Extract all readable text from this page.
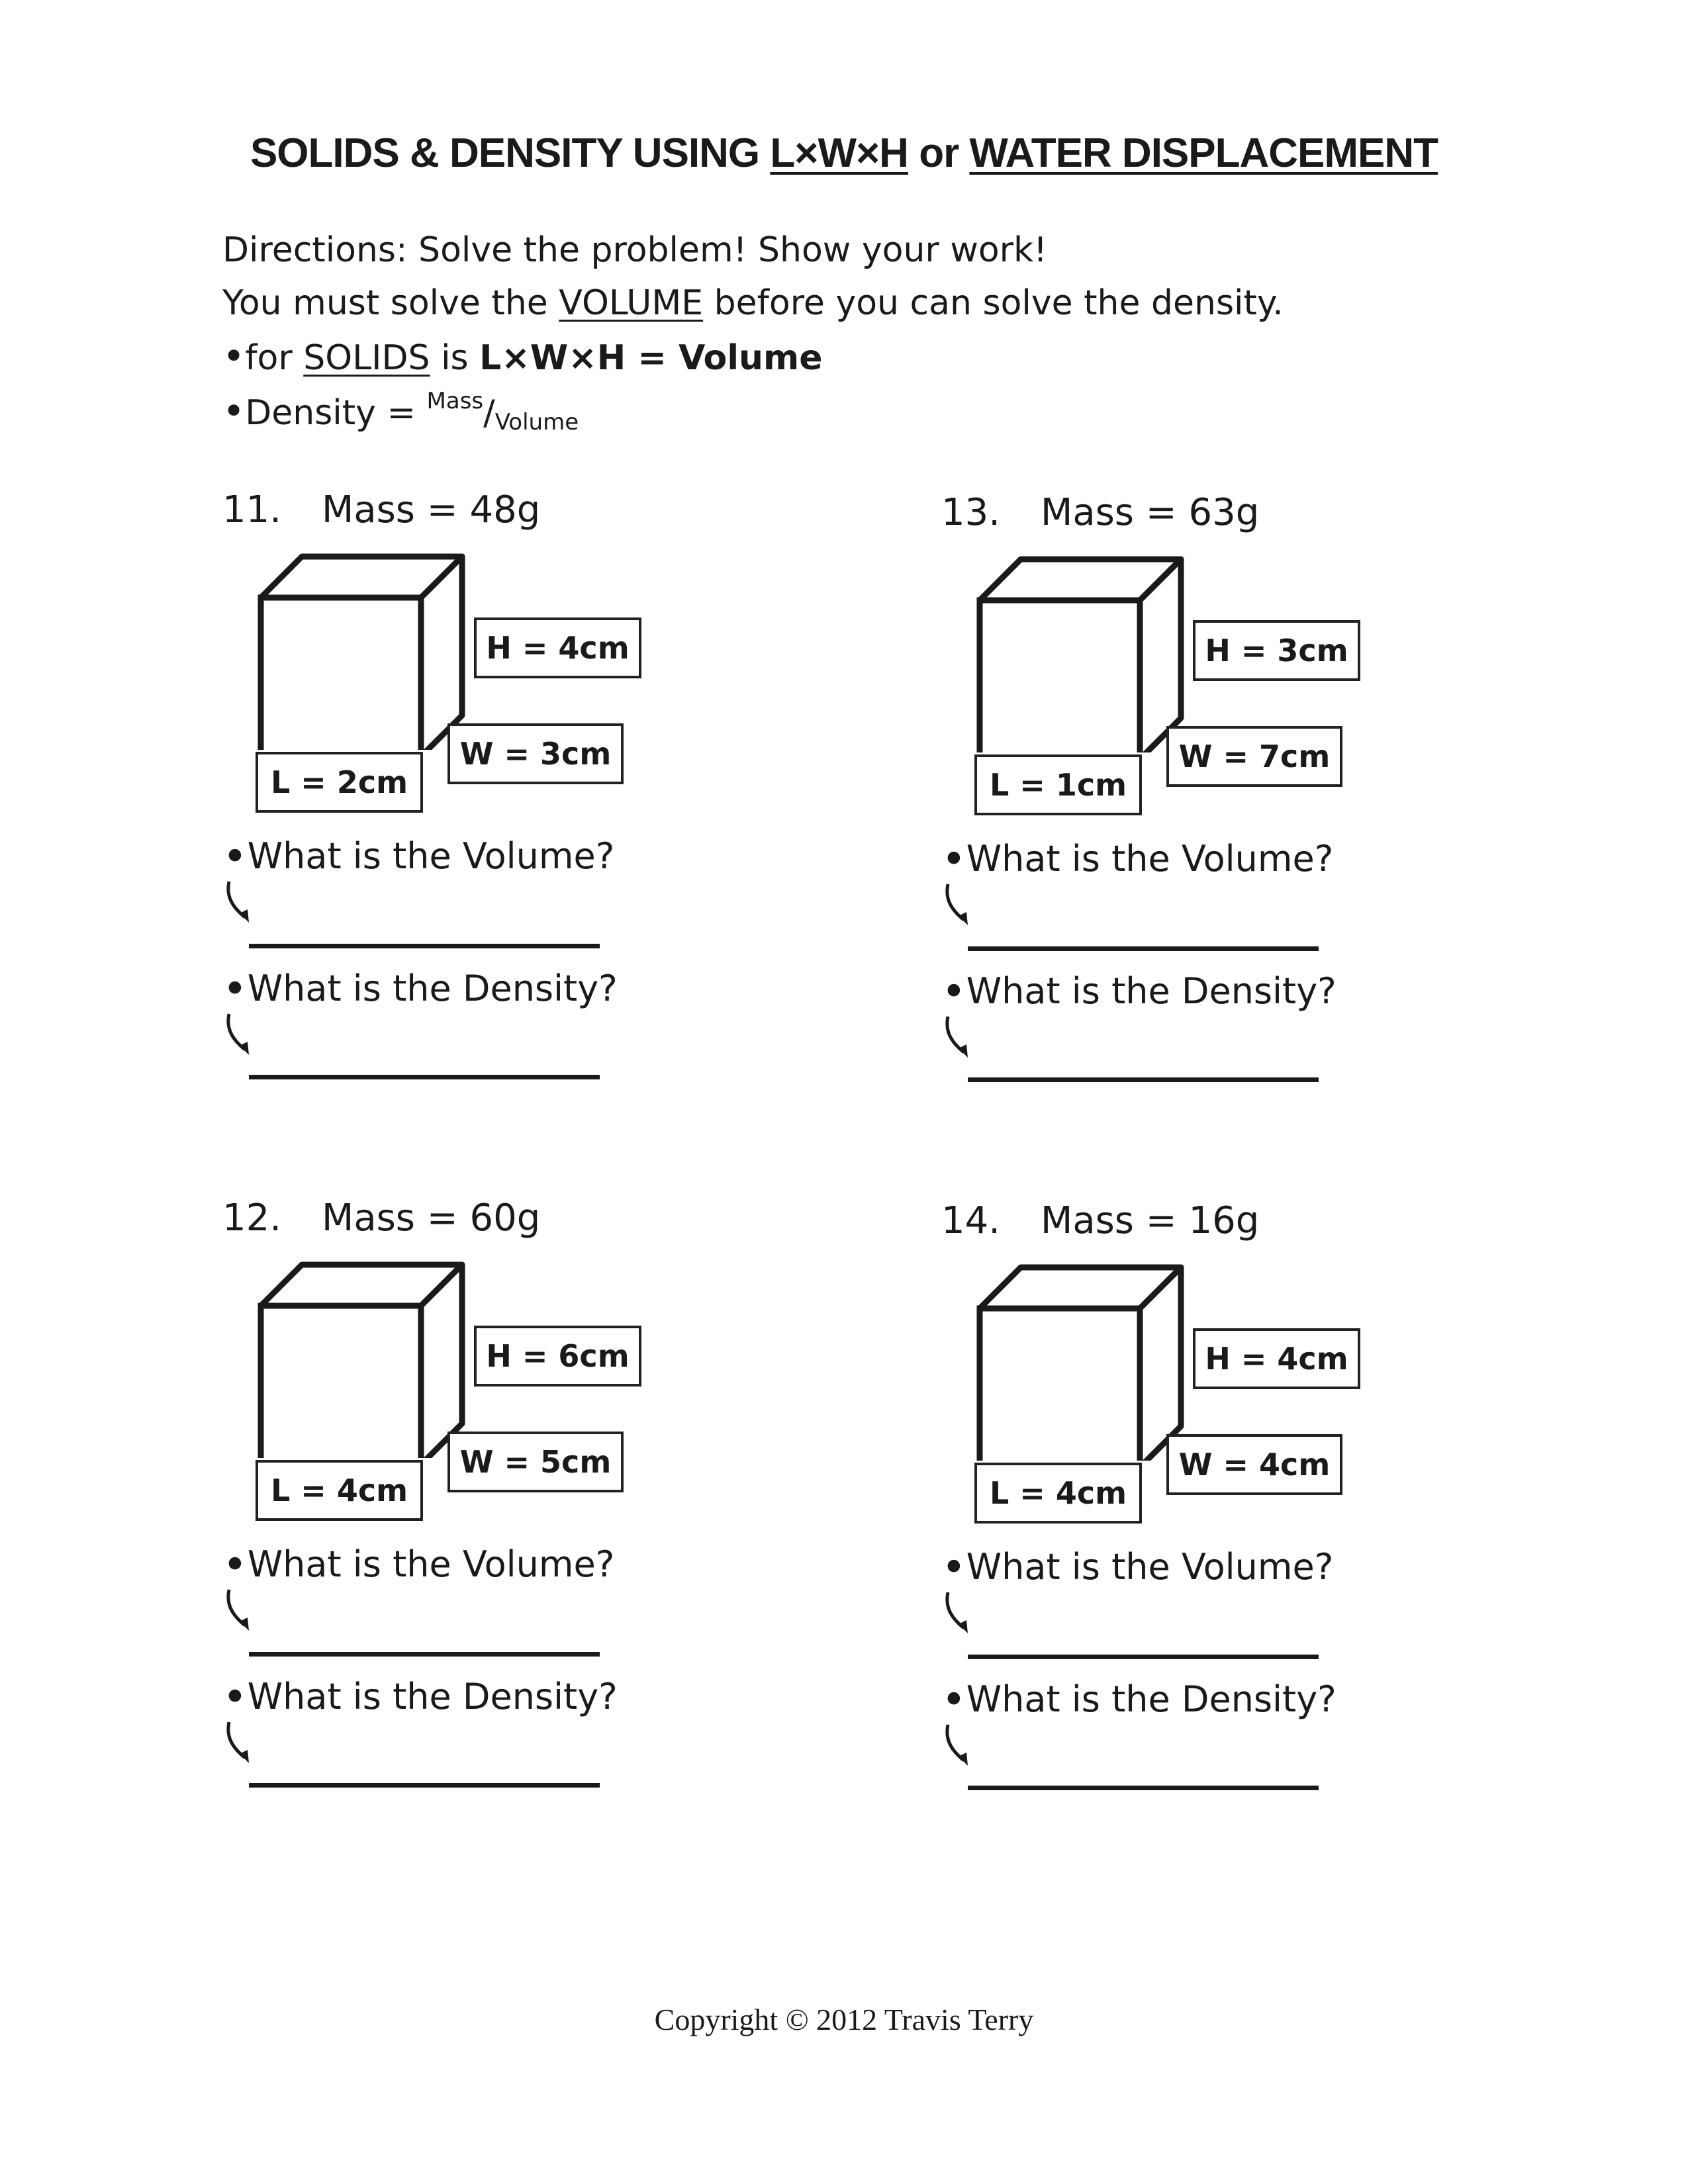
SOLIDS & DENSITY USING L×W×H or WATER DISPLACEMENT
Directions: Solve the problem! Show your work!
You must solve the VOLUME before you can solve the density.
•for SOLIDS is L×W×H = Volume
•Density = $^{Mass}$/Volume
11. Mass = 48g
H = 4cm
W = 3cm
L = 2cm
•What is the Volume?
•What is the Density?
13. Mass = 63g
H = 3cm
W = 7cm
L = 1cm
•What is the Volume?
•What is the Density?
12. Mass = 60g
H = 6cm
W = 5cm
L = 4cm
•What is the Volume?
•What is the Density?
14. Mass = 16g
H = 4cm
W = 4cm
L = 4cm
•What is the Volume?
•What is the Density?
Copyright © 2012 Travis Terry
